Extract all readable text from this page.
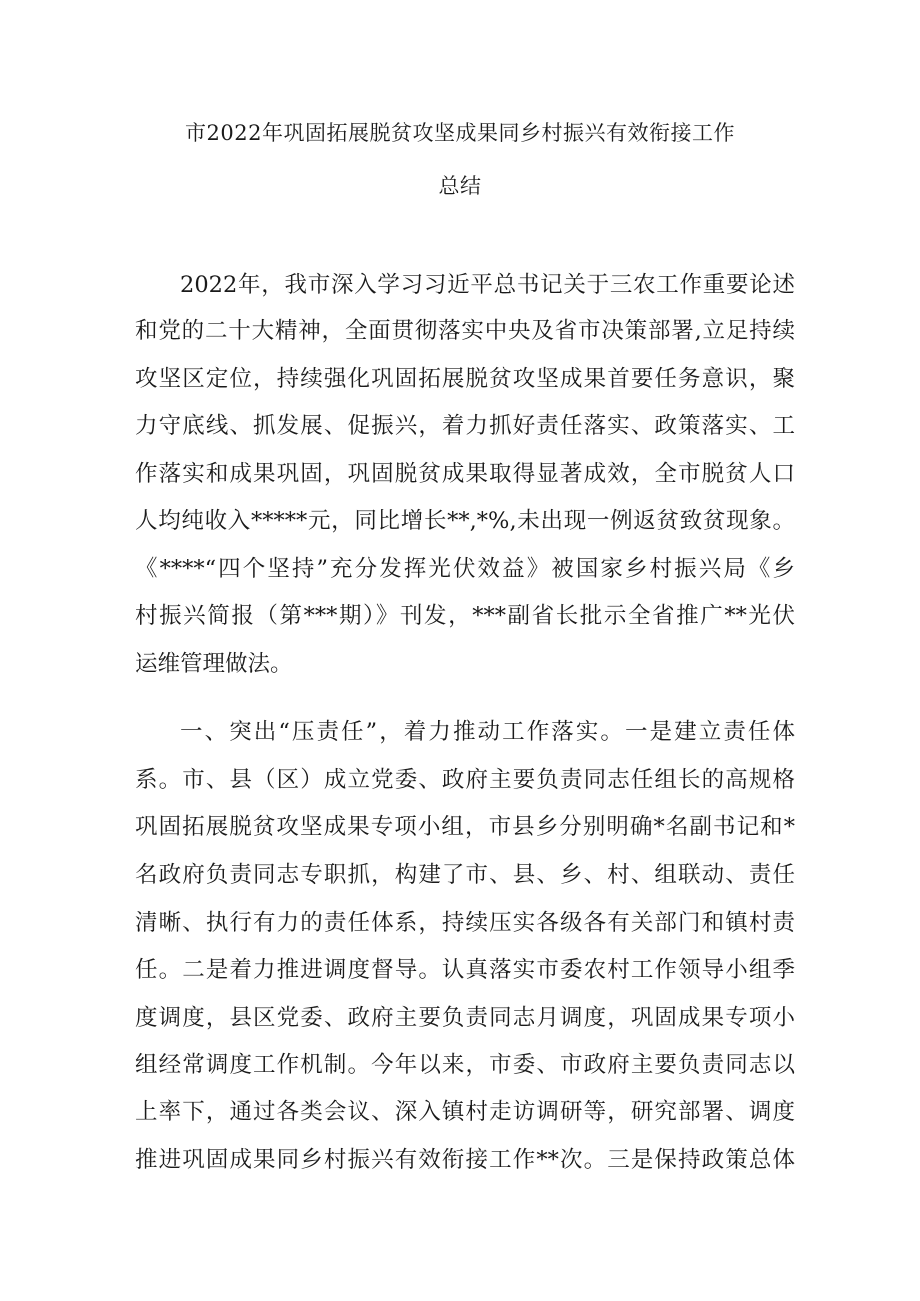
市2022年巩固拓展脱贫攻坚成果同乡村振兴有效衔接工作
总结
2022年，我市深入学习习近平总书记关于三农工作重要论述
和党的二十大精神，全面贯彻落实中央及省市决策部署,立足持续
攻坚区定位，持续强化巩固拓展脱贫攻坚成果首要任务意识，聚
力守底线、抓发展、促振兴，着力抓好责任落实、政策落实、工
作落实和成果巩固，巩固脱贫成果取得显著成效，全市脱贫人口
人均纯收入*****元，同比增长**,*%,未出现一例返贫致贫现象。
《****“四个坚持”充分发挥光伏效益》被国家乡村振兴局《乡
村振兴简报（第***期）》刊发，***副省长批示全省推广**光伏
运维管理做法。
一、突出“压责任”，着力推动工作落实。一是建立责任体
系。市、县（区）成立党委、政府主要负责同志任组长的高规格
巩固拓展脱贫攻坚成果专项小组，市县乡分别明确*名副书记和*
名政府负责同志专职抓，构建了市、县、乡、村、组联动、责任
清晰、执行有力的责任体系，持续压实各级各有关部门和镇村责
任。二是着力推进调度督导。认真落实市委农村工作领导小组季
度调度，县区党委、政府主要负责同志月调度，巩固成果专项小
组经常调度工作机制。今年以来，市委、市政府主要负责同志以
上率下，通过各类会议、深入镇村走访调研等，研究部署、调度
推进巩固成果同乡村振兴有效衔接工作**次。三是保持政策总体
